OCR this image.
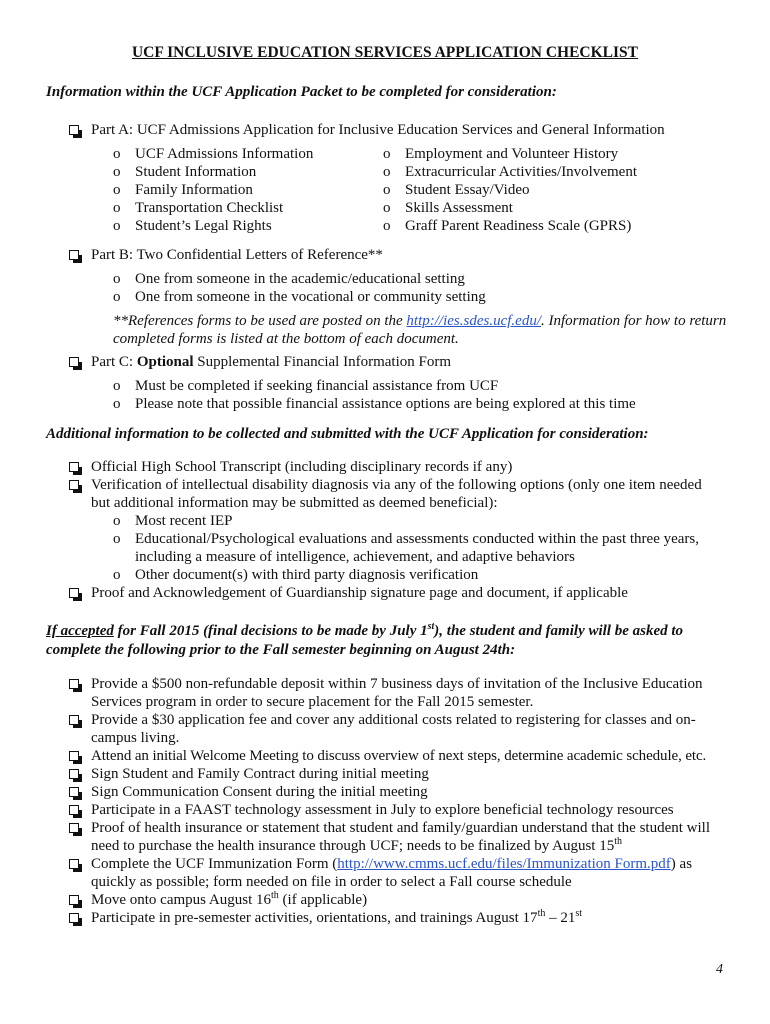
UCF INCLUSIVE EDUCATION SERVICES APPLICATION CHECKLIST
Information within the UCF Application Packet to be completed for consideration:
Part A: UCF Admissions Application for Inclusive Education Services and General Information
o UCF Admissions Information
o Student Information
o Family Information
o Transportation Checklist
o Student’s Legal Rights
o Employment and Volunteer History
o Extracurricular Activities/Involvement
o Student Essay/Video
o Skills Assessment
o Graff Parent Readiness Scale (GPRS)
Part B: Two Confidential Letters of Reference**
o One from someone in the academic/educational setting
o One from someone in the vocational or community setting
**References forms to be used are posted on the http://ies.sdes.ucf.edu/. Information for how to return completed forms is listed at the bottom of each document.
Part C: Optional Supplemental Financial Information Form
o Must be completed if seeking financial assistance from UCF
o Please note that possible financial assistance options are being explored at this time
Additional information to be collected and submitted with the UCF Application for consideration:
Official High School Transcript (including disciplinary records if any)
Verification of intellectual disability diagnosis via any of the following options (only one item needed but additional information may be submitted as deemed beneficial):
o Most recent IEP
o Educational/Psychological evaluations and assessments conducted within the past three years, including a measure of intelligence, achievement, and adaptive behaviors
o Other document(s) with third party diagnosis verification
Proof and Acknowledgement of Guardianship signature page and document, if applicable
If accepted for Fall 2015 (final decisions to be made by July 1st), the student and family will be asked to complete the following prior to the Fall semester beginning on August 24th:
Provide a $500 non-refundable deposit within 7 business days of invitation of the Inclusive Education Services program in order to secure placement for the Fall 2015 semester.
Provide a $30 application fee and cover any additional costs related to registering for classes and on-campus living.
Attend an initial Welcome Meeting to discuss overview of next steps, determine academic schedule, etc.
Sign Student and Family Contract during initial meeting
Sign Communication Consent during the initial meeting
Participate in a FAAST technology assessment in July to explore beneficial technology resources
Proof of health insurance or statement that student and family/guardian understand that the student will need to purchase the health insurance through UCF; needs to be finalized by August 15th
Complete the UCF Immunization Form (http://www.cmms.ucf.edu/files/Immunization Form.pdf) as quickly as possible; form needed on file in order to select a Fall course schedule
Move onto campus August 16th (if applicable)
Participate in pre-semester activities, orientations, and trainings August 17th – 21st
4
